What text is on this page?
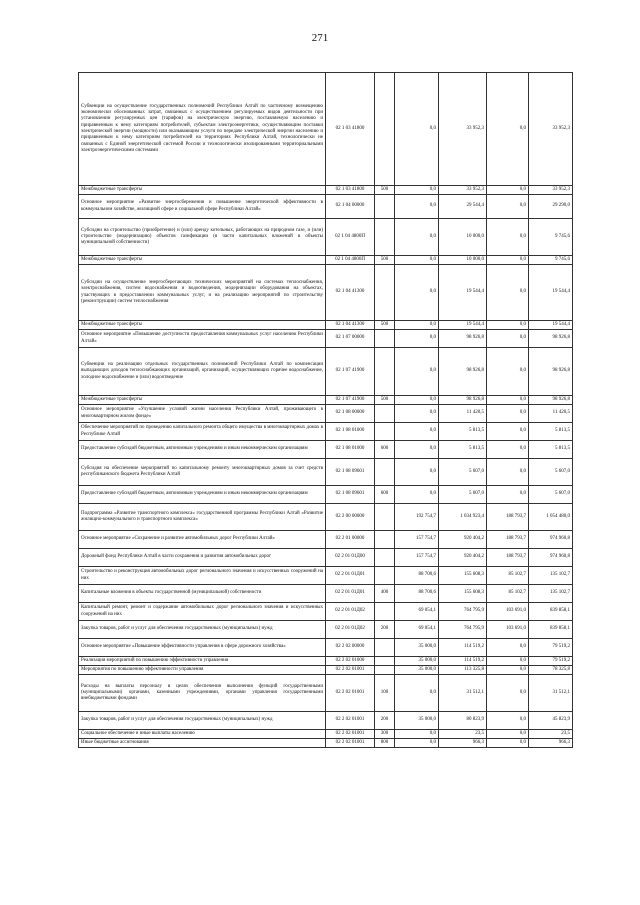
271
Субвенции на осуществление государственных полномочий Республики Алтай по частичному возмещению экономически обоснованных затрат, связанных с осуществлением регулируемых видов деятельности при установлении регулируемых цен (тарифов) на электрическую энергию, поставляемую населению и приравненным к нему категориям потребителей, субъектам электроэнергетики, осуществляющим поставки электрической энергии (мощности) или оказывающим услуги по передаче электрической энергии населению и приравненным к нему категориям потребителей на территориях Республики Алтай, технологически не связанных с Единой энергетической системой России и технологически изолированными территориальными электроэнергетическими системами	02 1 03 41800		0,0	33 952,3	0,0	33 952,3
Межбюджетные трансферты	02 1 03 41800	500	0,0	33 952,3	0,0	33 952,3
Основное мероприятие «Развитие энергосбережения и повышение энергетической эффективности в коммунальном хозяйстве, жилищной сфере и социальной сфере Республики Алтай»	02 1 04 00000		0,0	29 544,4	0,0	29 290,0
Субсидии на строительство (приобретение) и (или) аренду котельных, работающих на природном газе, и (или) строительство (модернизацию) объектов газификации (в части капитальных вложений в объекты муниципальной собственности)	02 1 04 4800П		0,0	10 000,0	0,0	9 745,6
Межбюджетные трансферты	02 1 04 4800П	500	0,0	10 000,0	0,0	9 745,6
Субсидии на осуществление энергосберегающих технических мероприятий на системах теплоснабжения, электроснабжения, систем водоснабжения и водоотведения, модернизации оборудования на объектах, участвующих в предоставлении коммунальных услуг, и на реализацию мероприятий по строительству (реконструкции) систем теплоснабжения	02 1 04 41300		0,0	19 544,4	0,0	19 544,4
Межбюджетные трансферты	02 1 04 41300	500	0,0	19 544,4	0,0	19 544,4
Основное мероприятие «Повышение доступности предоставления коммунальных услуг населению Республики Алтай»	02 1 07 00000		0,0	98 926,8	0,0	98 926,8
Субвенции на реализацию отдельных государственных полномочий Республики Алтай по компенсации выпадающих доходов теплоснабжающих организаций, организаций, осуществляющих горячее водоснабжение, холодное водоснабжение и (или) водоотведение	02 1 07 41900		0,0	98 926,8	0,0	98 926,8
Межбюджетные трансферты	02 1 07 41900	500	0,0	98 926,8	0,0	98 926,8
Основное мероприятие «Улучшение условий жизни населения Республики Алтай, проживающего в многоквартирном жилом фонде»	02 1 08 00000		0,0	11 420,5	0,0	11 420,5
Обеспечение мероприятий по проведению капитального ремонта общего имущества в многоквартирных домах в Республике Алтай	02 1 08 01000		0,0	5 813,5	0,0	5 813,5
Предоставление субсидий бюджетным, автономным учреждениям и иным некоммерческим организациям	02 1 08 01000	600	0,0	5 813,5	0,0	5 813,5
Субсидия на обеспечение мероприятий по капитальному ремонту многоквартирных домов за счет средств республиканского бюджета Республики Алтай	02 1 08 09601		0,0	5 607,0	0,0	5 607,0
Предоставление субсидий бюджетным, автономным учреждениям и иным некоммерческим организациям	02 1 08 09601	600	0,0	5 607,0	0,0	5 607,0
Подпрограмма «Развитие транспортного комплекса» государственной программы Республики Алтай «Развитие жилищно-коммунального и транспортного комплекса»	02 2 00 00000		192 754,7	1 034 923,4	188 793,7	1 054 480,0
Основное мероприятие «Сохранение и развитие автомобильных дорог Республики Алтай»	02 2 01 00000		157 754,7	920 404,2	188 793,7	974 960,8
Дорожный фонд Республики Алтай в части сохранения и развития автомобильных дорог	02 2 01 01Д00		157 754,7	920 404,2	188 793,7	974 960,8
Строительство и реконструкция автомобильных дорог регионального значения и искусственных сооружений на них	02 2 01 01Д01		88 700,6	155 608,3	85 102,7	135 102,7
Капитальные вложения в объекты государственной (муниципальной) собственности	02 2 01 01Д01	400	88 700,6	155 608,3	85 102,7	135 102,7
Капитальный ремонт, ремонт и содержание автомобильных дорог регионального значения и искусственных сооружений на них	02 2 01 01Д02		69 054,1	764 795,9	103 691,0	839 858,1
Закупка товаров, работ и услуг для обеспечения государственных (муниципальных) нужд	02 2 01 01Д02	200	69 054,1	764 795,9	103 691,0	839 858,1
Основное мероприятие «Повышение эффективности управления в сфере дорожного хозяйства»	02 2 02 00000		35 000,0	114 519,2	0,0	79 519,2
Реализация мероприятий по повышению эффективности управления	02 2 02 01000		35 000,0	114 519,2	0,0	79 519,2
Мероприятия по повышению эффективности управления	02 2 02 01001		35 000,0	113 325,8	0,0	78 325,8
Расходы на выплаты персоналу в целях обеспечения выполнения функций государственными (муниципальными) органами, казенными учреждениями, органами управления государственными внебюджетными фондами	02 2 02 01001	100	0,0	31 512,1	0,0	31 512,1
Закупка товаров, работ и услуг для обеспечения государственных (муниципальных) нужд	02 2 02 01001	200	35 000,0	80 823,9	0,0	45 823,9
Социальное обеспечение и иные выплаты населению	02 2 02 01001	300	0,0	23,5	0,0	23,5
Иные бюджетные ассигнования	02 2 02 01001	800	0,0	966,3	0,0	966,3
